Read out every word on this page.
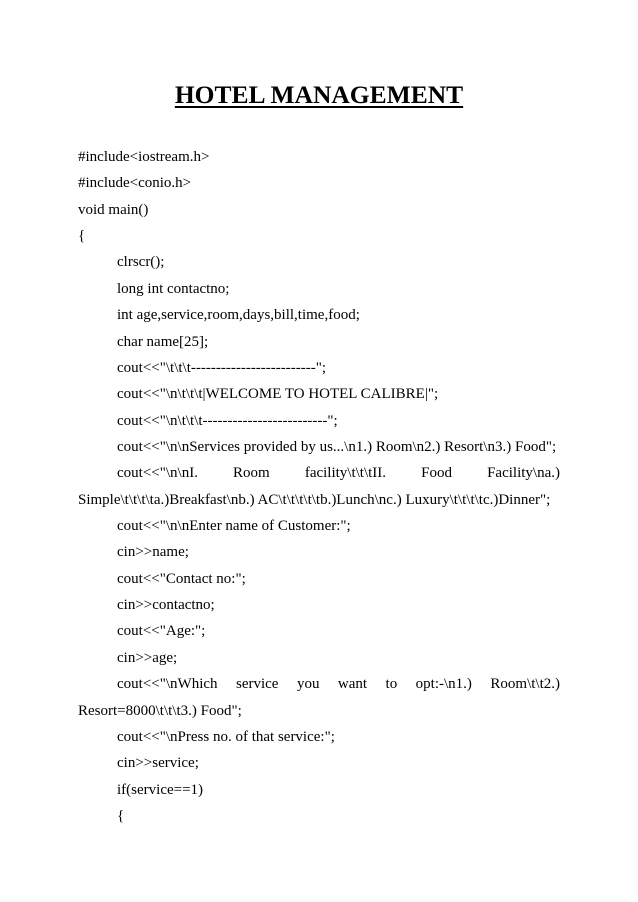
HOTEL MANAGEMENT
#include<iostream.h>
#include<conio.h>
void main()
{
clrscr();
long int contactno;
int age,service,room,days,bill,time,food;
char name[25];
cout<<"\t\t\t-------------------------";
cout<<"\n\t\t\t|WELCOME TO HOTEL CALIBRE|";
cout<<"\n\t\t\t-------------------------";
cout<<"\n\nServices provided by us...\n1.) Room\n2.) Resort\n3.) Food";
cout<<"\n\nI. Room facility\t\t\tII. Food Facility\na.)
Simple\t\t\t\ta.)Breakfast\nb.) AC\t\t\t\t\tb.)Lunch\nc.) Luxury\t\t\t\tc.)Dinner";
cout<<"\n\nEnter name of Customer:";
cin>>name;
cout<<"Contact no:";
cin>>contactno;
cout<<"Age:";
cin>>age;
cout<<"\nWhich service you want to opt:-\n1.) Room\t\t2.)
Resort=8000\t\t\t3.) Food";
cout<<"\nPress no. of that service:";
cin>>service;
if(service==1)
{
